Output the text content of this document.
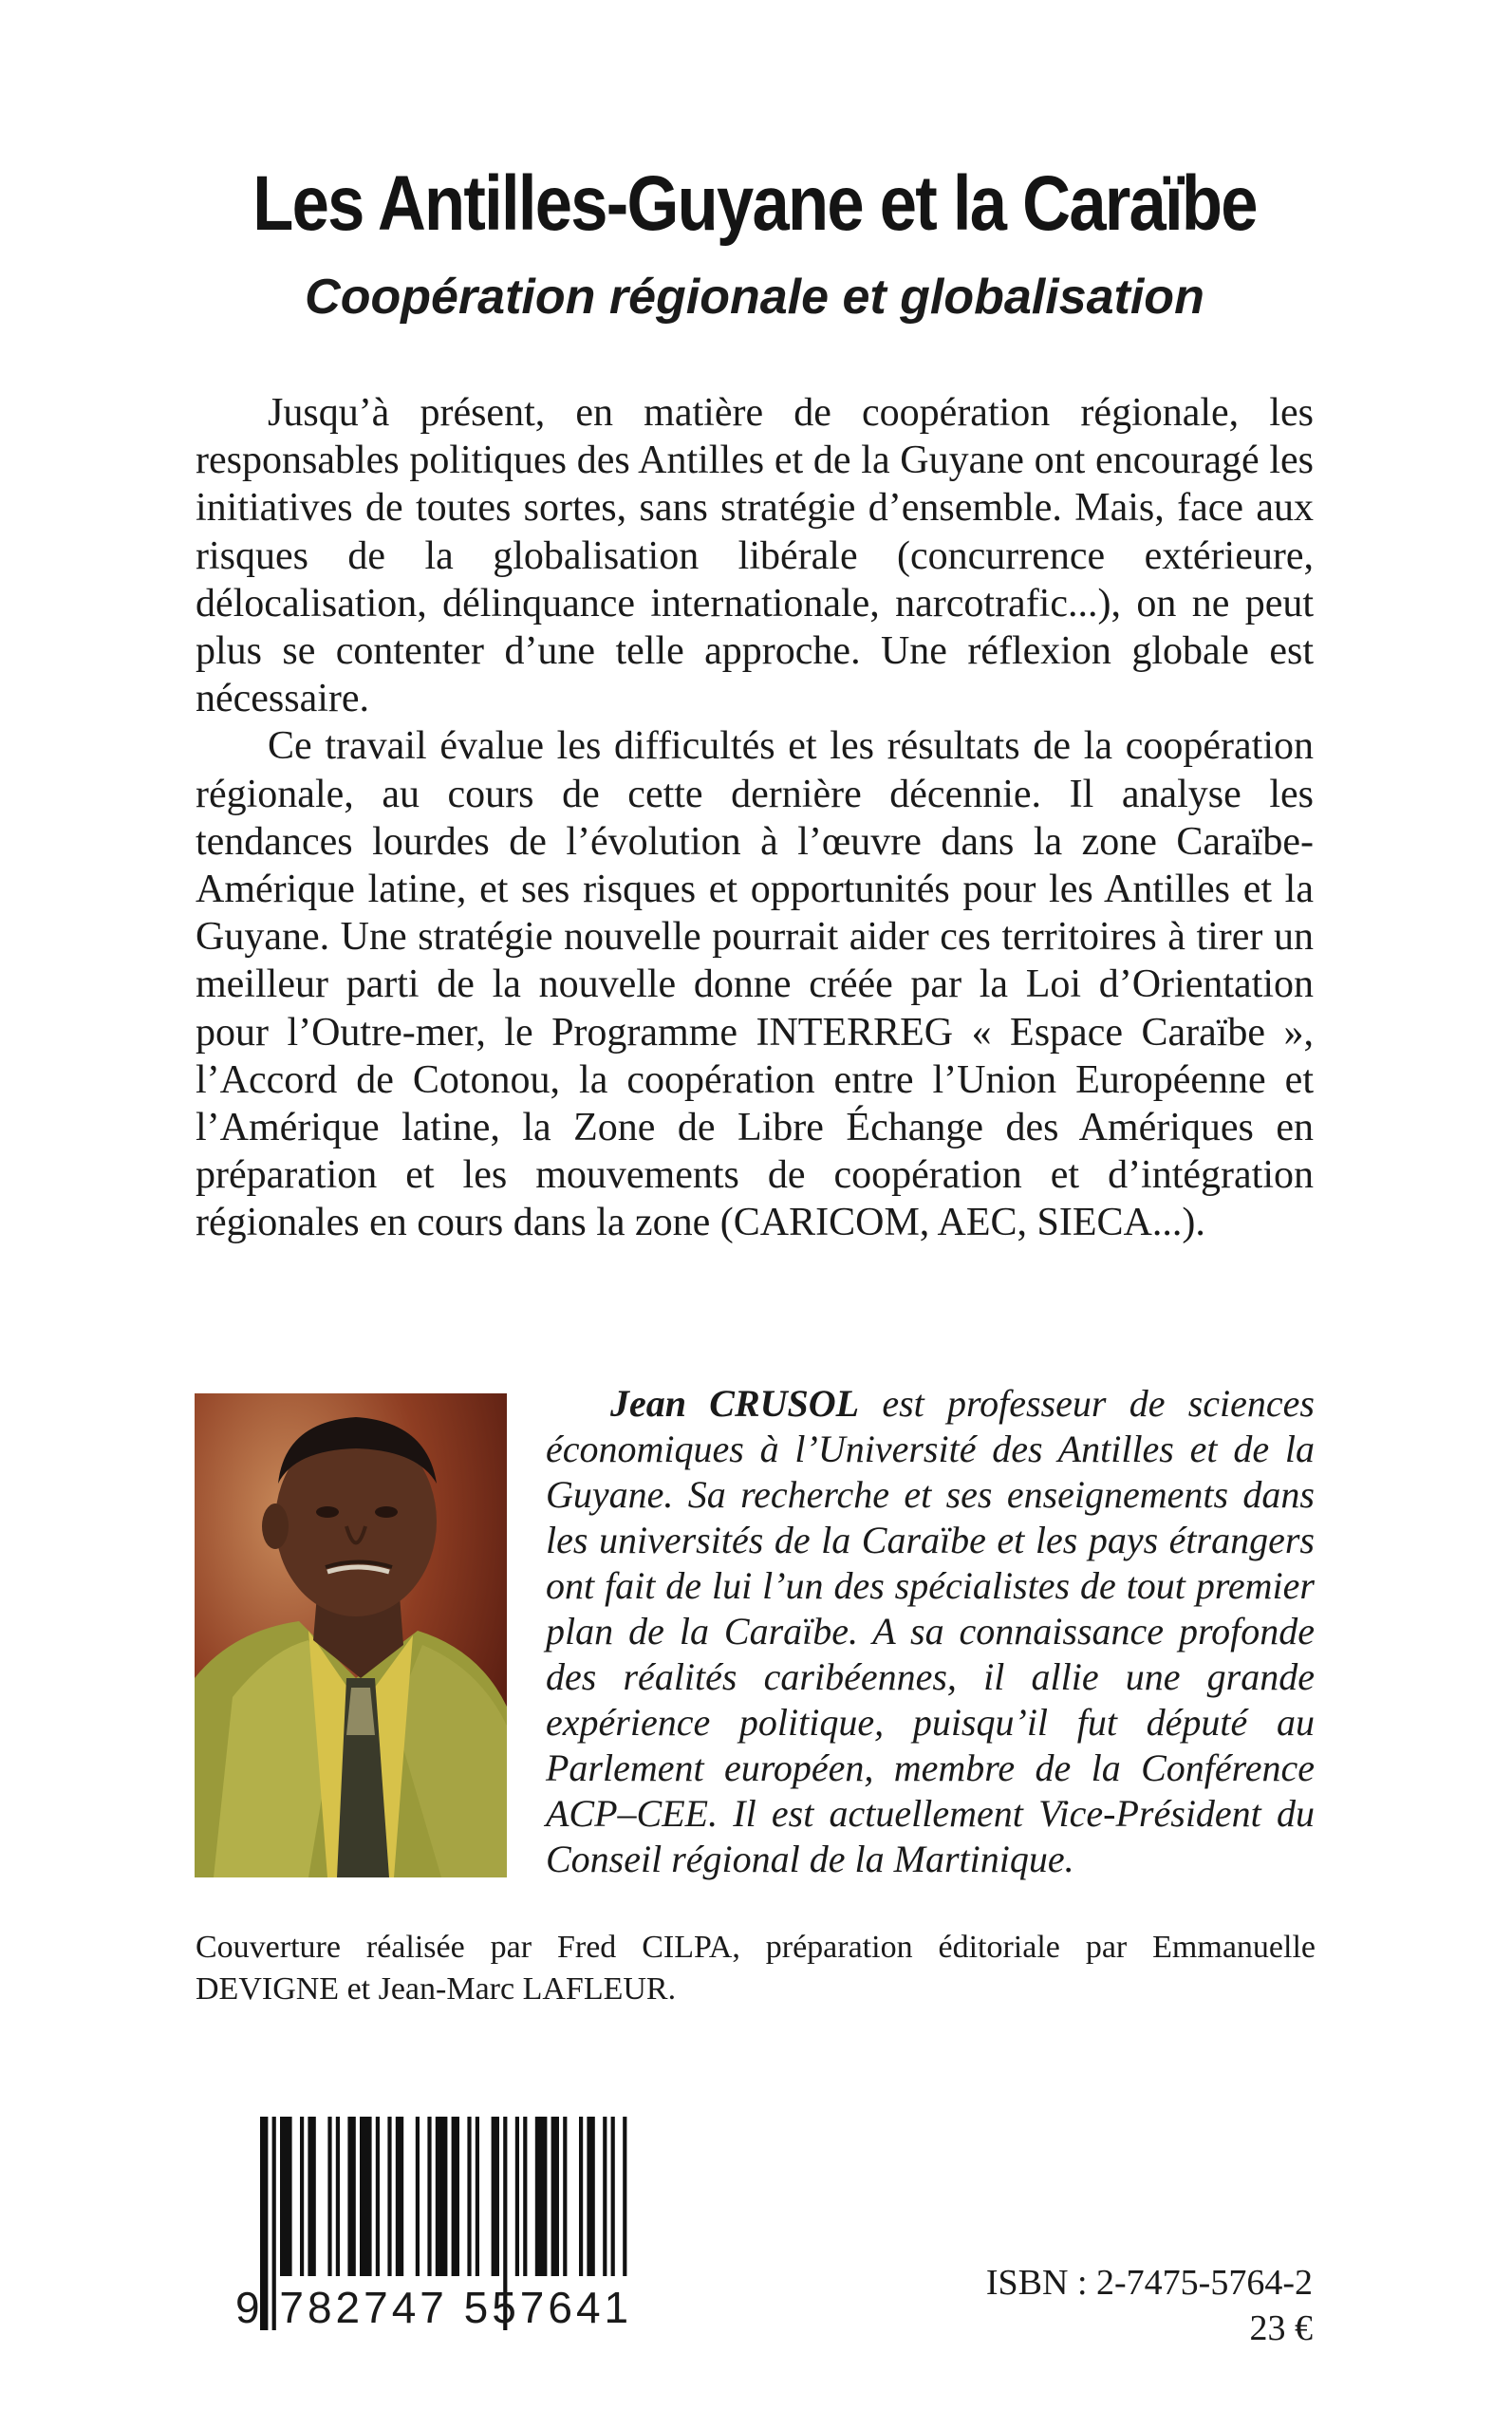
Les Antilles-Guyane et la Caraïbe
Coopération régionale et globalisation

Jusqu’à présent, en matière de coopération régionale, les responsables politiques des Antilles et de la Guyane ont encouragé les initiatives de toutes sortes, sans stratégie d’ensemble. Mais, face aux risques de la globalisation libérale (concurrence extérieure, délocalisation, délinquance internationale, narcotrafic...), on ne peut plus se contenter d’une telle approche. Une réflexion globale est nécessaire.

Ce travail évalue les difficultés et les résultats de la coopération régionale, au cours de cette dernière décennie. Il analyse les tendances lourdes de l’évolution à l’œuvre dans la zone Caraïbe-Amérique latine, et ses risques et opportunités pour les Antilles et la Guyane. Une stratégie nouvelle pourrait aider ces territoires à tirer un meilleur parti de la nouvelle donne créée par la Loi d’Orientation pour l’Outre-mer, le Programme INTERREG « Espace Caraïbe », l’Accord de Cotonou, la coopération entre l’Union Européenne et l’Amérique latine, la Zone de Libre Échange des Amériques en préparation et les mouvements de coopération et d’intégration régionales en cours dans la zone (CARICOM, AEC, SIECA...).

Jean CRUSOL est professeur de sciences économiques à l’Université des Antilles et de la Guyane. Sa recherche et ses enseignements dans les universités de la Caraïbe et les pays étrangers ont fait de lui l’un des spécialistes de tout premier plan de la Caraïbe. A sa connaissance profonde des réalités caribéennes, il allie une grande expérience politique, puisqu’il fut député au Parlement européen, membre de la Conférence ACP–CEE. Il est actuellement Vice-Président du Conseil régional de la Martinique.

Couverture réalisée par Fred CILPA, préparation éditoriale par Emmanuelle DEVIGNE et Jean-Marc LAFLEUR.

9 782747 557641	ISBN : 2-7475-5764-2

23 €
